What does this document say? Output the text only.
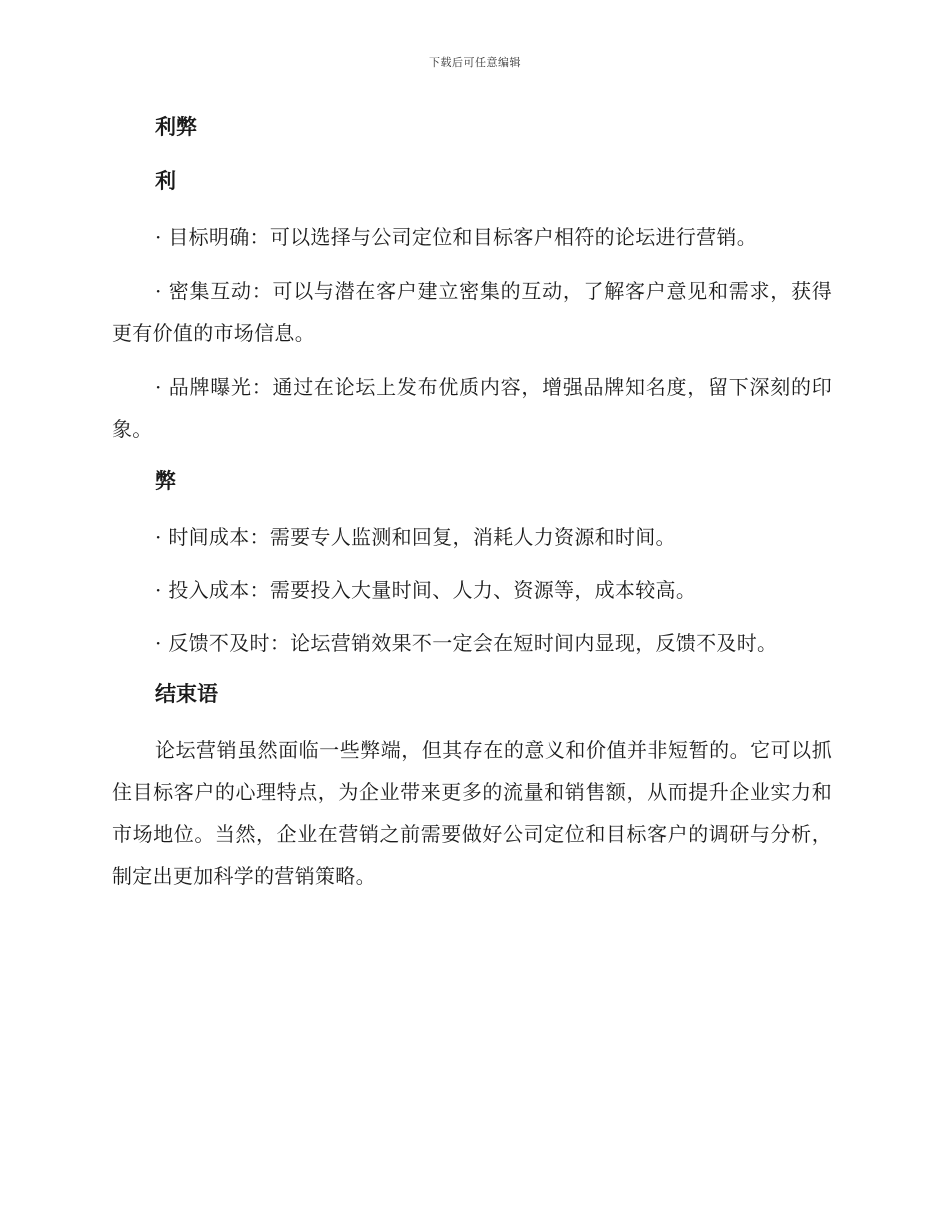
下载后可任意编辑
利弊
利

· 目标明确：可以选择与公司定位和目标客户相符的论坛进行营销。

· 密集互动：可以与潜在客户建立密集的互动，了解客户意见和需求，获得更有价值的市场信息。

· 品牌曝光：通过在论坛上发布优质内容，增强品牌知名度，留下深刻的印象。

弊

· 时间成本：需要专人监测和回复，消耗人力资源和时间。

· 投入成本：需要投入大量时间、人力、资源等，成本较高。

· 反馈不及时：论坛营销效果不一定会在短时间内显现，反馈不及时。

结束语

论坛营销虽然面临一些弊端，但其存在的意义和价值并非短暂的。它可以抓住目标客户的心理特点，为企业带来更多的流量和销售额，从而提升企业实力和市场地位。当然，企业在营销之前需要做好公司定位和目标客户的调研与分析，制定出更加科学的营销策略。
